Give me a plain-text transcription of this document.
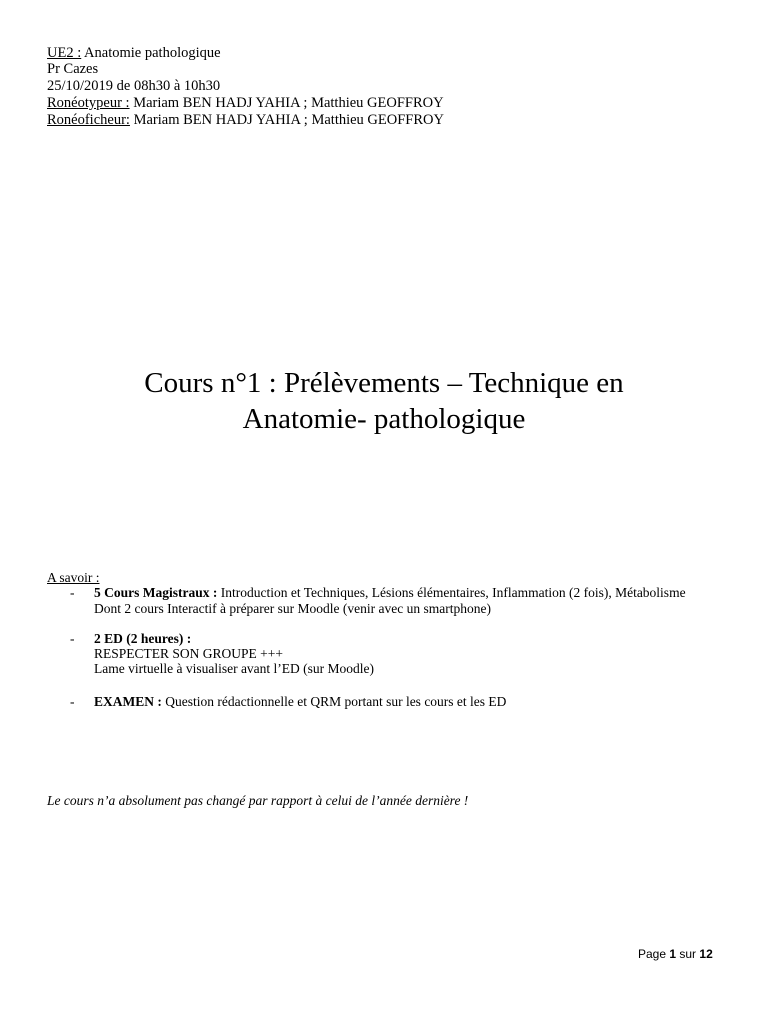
UE2 : Anatomie pathologique
Pr Cazes
25/10/2019 de 08h30 à 10h30
Ronéotypeur : Mariam BEN HADJ YAHIA ; Matthieu GEOFFROY
Ronéoficheur: Mariam BEN HADJ YAHIA ; Matthieu GEOFFROY
Cours n°1 : Prélèvements – Technique en
Anatomie- pathologique
A savoir :
- 5 Cours Magistraux : Introduction et Techniques, Lésions élémentaires, Inflammation (2 fois), Métabolisme
Dont 2 cours Interactif à préparer sur Moodle (venir avec un smartphone)
- 2 ED (2 heures) :
RESPECTER SON GROUPE +++
Lame virtuelle à visualiser avant l’ED (sur Moodle)
- EXAMEN : Question rédactionnelle et QRM portant sur les cours et les ED
Le cours n’a absolument pas changé par rapport à celui de l’année dernière !
Page 1 sur 12
